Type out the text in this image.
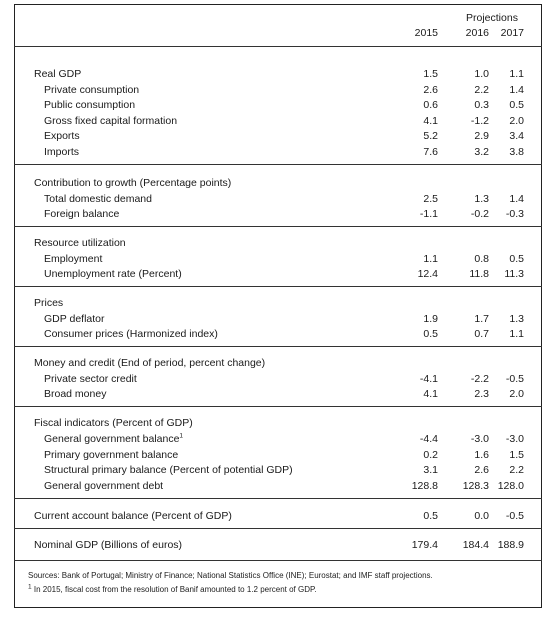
Projections
2015	2016	2017
Real GDP	1.5	1.0	1.1
Private consumption	2.6	2.2	1.4
Public consumption	0.6	0.3	0.5
Gross fixed capital formation	4.1	-1.2	2.0
Exports	5.2	2.9	3.4
Imports	7.6	3.2	3.8
Contribution to growth (Percentage points)
Total domestic demand	2.5	1.3	1.4
Foreign balance	-1.1	-0.2	-0.3
Resource utilization
Employment	1.1	0.8	0.5
Unemployment rate (Percent)	12.4	11.8	11.3
Prices
GDP deflator	1.9	1.7	1.3
Consumer prices (Harmonized index)	0.5	0.7	1.1
Money and credit (End of period, percent change)
Private sector credit	-4.1	-2.2	-0.5
Broad money	4.1	2.3	2.0
Fiscal indicators (Percent of GDP)
General government balance$^1$	-4.4	-3.0	-3.0
Primary government balance	0.2	1.6	1.5
Structural primary balance (Percent of potential GDP)	3.1	2.6	2.2
General government debt	128.8	128.3 128.0
Current account balance (Percent of GDP)	0.5	0.0	-0.5
Nominal GDP (Billions of euros)	179.4	184.4 188.9
Sources: Bank of Portugal; Ministry of Finance; National Statistics Office (INE); Eurostat; and IMF staff projections.
$^1$ In 2015, fiscal cost from the resolution of Banif amounted to 1.2 percent of GDP.
